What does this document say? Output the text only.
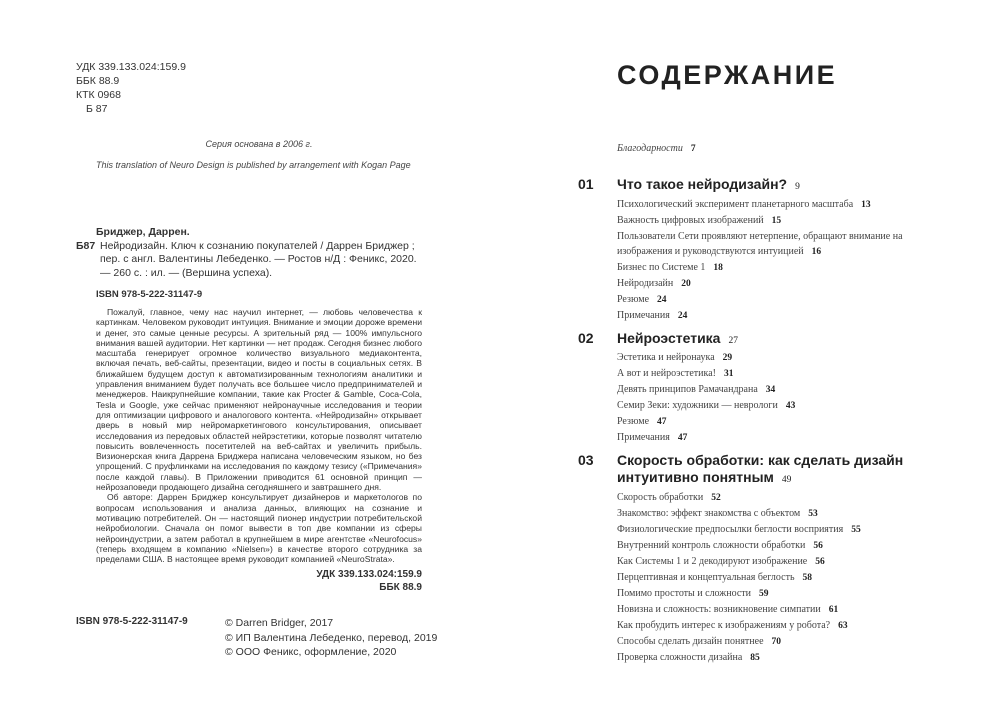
УДК 339.133.024:159.9
ББК 88.9
КТК 0968
Б 87
Серия основана в 2006 г.
This translation of Neuro Design is published by arrangement with Kogan Page
Бриджер, Даррен.
Б87 Нейродизайн. Ключ к сознанию покупателей / Даррен Бриджер ; пер. с англ. Валентины Лебеденко. — Ростов н/Д : Феникс, 2020. — 260 с. : ил. — (Вершина успеха).
ISBN 978-5-222-31147-9

Пожалуй, главное, чему нас научил интернет, — любовь человечества к картинкам. Человеком руководит интуиция. Внимание и эмоции дороже времени и денег, это самые ценные ресурсы. А зрительный ряд — 100% импульсного внимания вашей аудитории. Нет картинки — нет продаж. Сегодня бизнес любого масштаба генерирует огромное количество визуального медиаконтента, включая печать, веб-сайты, презентации, видео и посты в социальных сетях. В ближайшем будущем доступ к автоматизированным технологиям аналитики и управления вниманием будет получать все большее число предпринимателей и менеджеров. Наикрупнейшие компании, такие как Procter & Gamble, Coca-Cola, Tesla и Google, уже сейчас применяют нейронаучные исследования и теории для оптимизации цифрового и аналогового контента. «Нейродизайн» открывает дверь в новый мир нейромаркетингового консультирования, описывает исследования из передовых областей нейрэстетики, которые позволят читателю повысить вовлеченность посетителей на веб-сайтах и увеличить прибыль. Визионерская книга Даррена Бриджера написана человеческим языком, но без упрощений. С пруфлинками на исследования по каждому тезису («Примечания» после каждой главы). В Приложении приводится 61 основной принцип — нейрозаповеди продающего дизайна сегодняшнего и завтрашнего дня.

Об авторе: Даррен Бриджер консультирует дизайнеров и маркетологов по вопросам использования и анализа данных, влияющих на сознание и мотивацию потребителей. Он — настоящий пионер индустрии потребительской нейробиологии. Сначала он помог вывести в топ две компании из сферы нейроиндустрии, а затем работал в крупнейшем в мире агентстве «Neurofocus» (теперь входящем в компанию «Nielsen») в качестве второго сотрудника за пределами США. В настоящее время руководит компанией «NeuroStrata».

УДК 339.133.024:159.9
ББК 88.9
ISBN 978-5-222-31147-9	© Darren Bridger, 2017
© ИП Валентина Лебеденко, перевод, 2019
© ООО Феникс, оформление, 2020
СОДЕРЖАНИЕ
Благодарности 7
01 Что такое нейродизайн? 9
Психологический эксперимент планетарного масштаба 13
Важность цифровых изображений 15
Пользователи Сети проявляют нетерпение, обращают внимание на изображения и руководствуются интуицией 16
Бизнес по Системе 1 18
Нейродизайн 20
Резюме 24
Примечания 24
02 Нейроэстетика 27
Эстетика и нейронаука 29
А вот и нейроэстетика! 31
Девять принципов Рамачандрана 34
Семир Зеки: художники — неврологи 43
Резюме 47
Примечания 47
03 Скорость обработки: как сделать дизайн интуитивно понятным 49
Скорость обработки 52
Знакомство: эффект знакомства с объектом 53
Физиологические предпосылки беглости восприятия 55
Внутренний контроль сложности обработки 56
Как Системы 1 и 2 декодируют изображение 56
Перцептивная и концептуальная беглость 58
Помимо простоты и сложности 59
Новизна и сложность: возникновение симпатии 61
Как пробудить интерес к изображениям у робота? 63
Способы сделать дизайн понятнее 70
Проверка сложности дизайна 85
